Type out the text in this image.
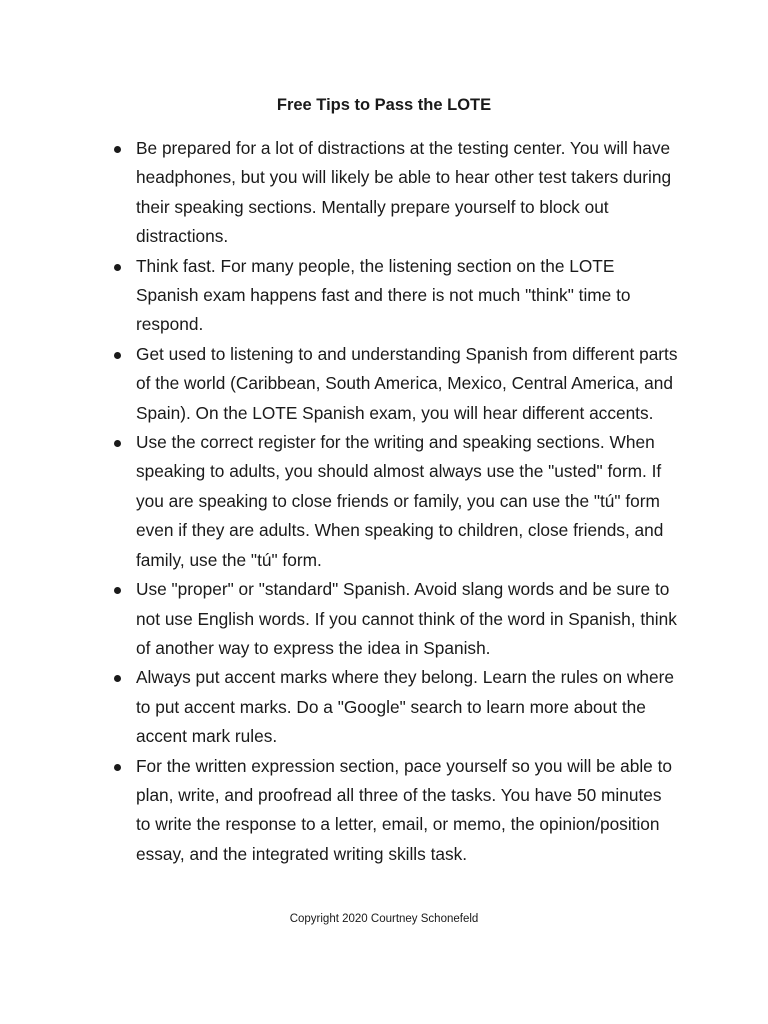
Free Tips to Pass the LOTE
Be prepared for a lot of distractions at the testing center. You will have headphones, but you will likely be able to hear other test takers during their speaking sections. Mentally prepare yourself to block out distractions.
Think fast. For many people, the listening section on the LOTE Spanish exam happens fast and there is not much "think" time to respond.
Get used to listening to and understanding Spanish from different parts of the world (Caribbean, South America, Mexico, Central America, and Spain). On the LOTE Spanish exam, you will hear different accents.
Use the correct register for the writing and speaking sections. When speaking to adults, you should almost always use the "usted" form. If you are speaking to close friends or family, you can use the "tú" form even if they are adults. When speaking to children, close friends, and family, use the "tú" form.
Use "proper" or "standard" Spanish. Avoid slang words and be sure to not use English words. If you cannot think of the word in Spanish, think of another way to express the idea in Spanish.
Always put accent marks where they belong. Learn the rules on where to put accent marks. Do a "Google" search to learn more about the accent mark rules.
For the written expression section, pace yourself so you will be able to plan, write, and proofread all three of the tasks. You have 50 minutes to write the response to a letter, email, or memo, the opinion/position essay, and the integrated writing skills task.

Copyright 2020 Courtney Schonefeld
